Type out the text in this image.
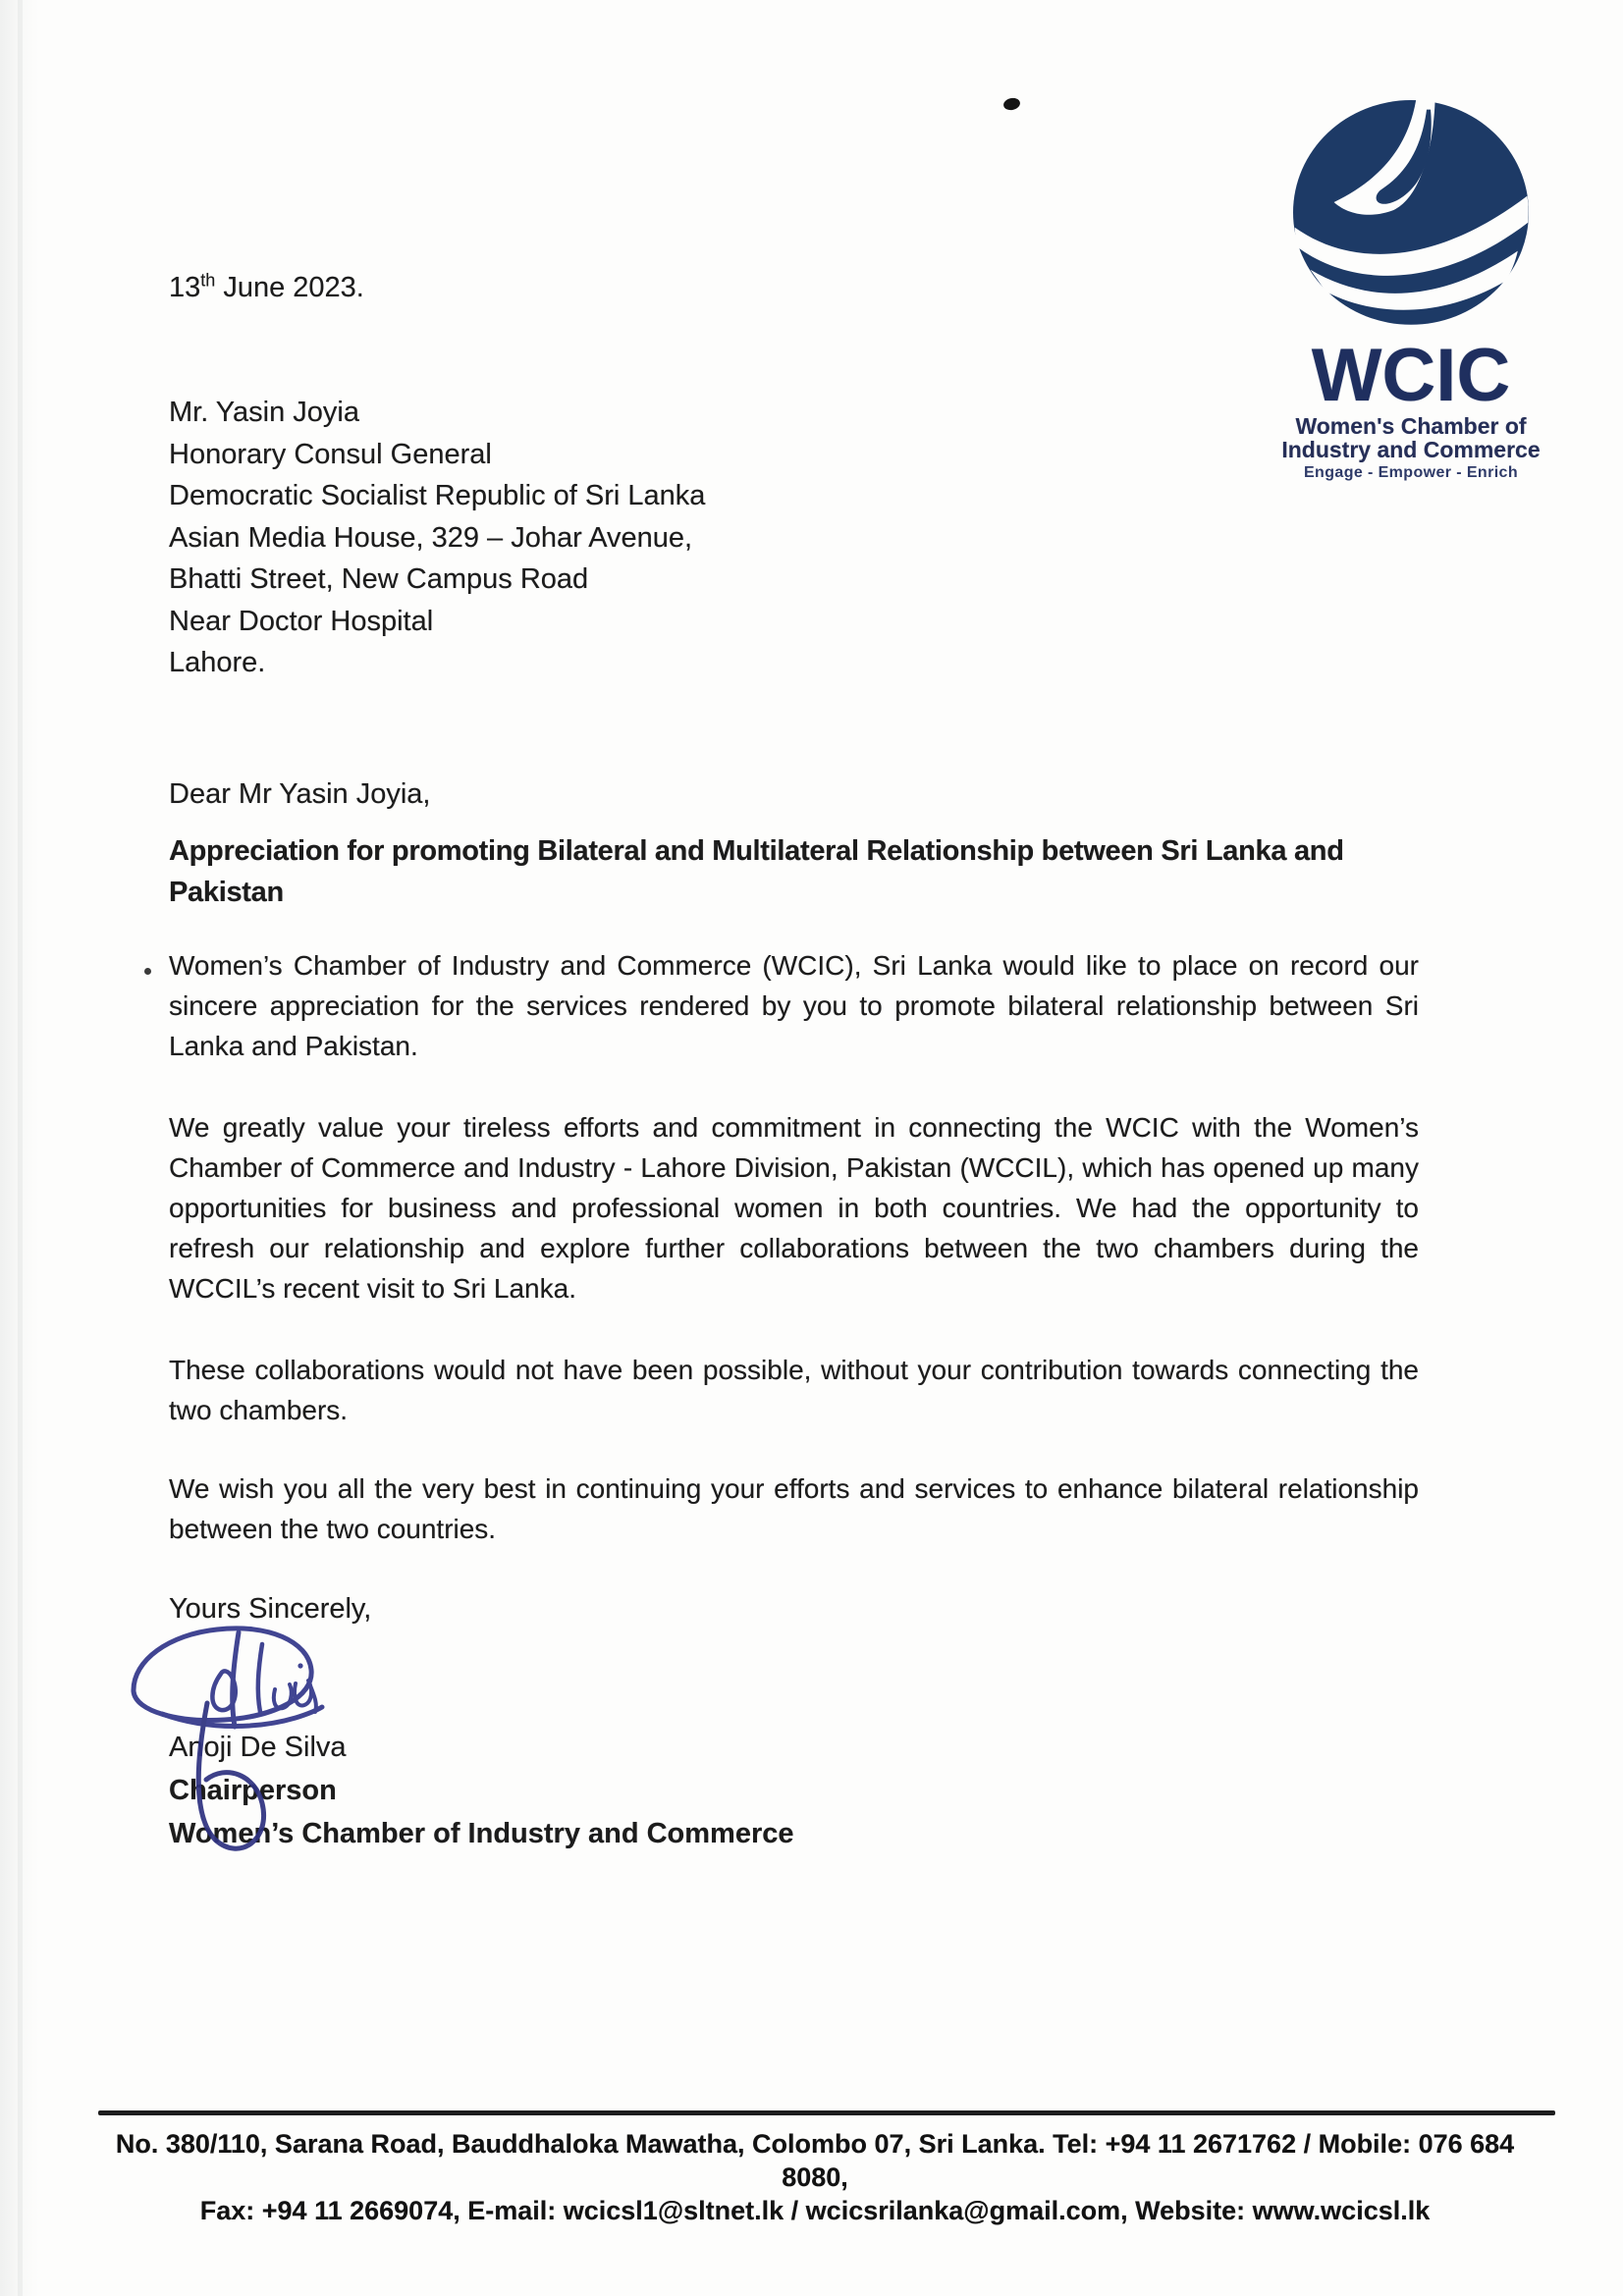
WCIC
Women's Chamber of
Industry and Commerce
Engage - Empower - Enrich
13th June 2023.
Mr. Yasin Joyia
Honorary Consul General
Democratic Socialist Republic of Sri Lanka
Asian Media House, 329 – Johar Avenue,
Bhatti Street, New Campus Road
Near Doctor Hospital
Lahore.
Dear Mr Yasin Joyia,
Appreciation for promoting Bilateral and Multilateral Relationship between Sri Lanka and
Pakistan
Women’s Chamber of Industry and Commerce (WCIC), Sri Lanka would like to place on record our sincere appreciation for the services rendered by you to promote bilateral relationship between Sri Lanka and Pakistan.
We greatly value your tireless efforts and commitment in connecting the WCIC with the Women’s Chamber of Commerce and Industry - Lahore Division, Pakistan (WCCIL), which has opened up many opportunities for business and professional women in both countries. We had the opportunity to refresh our relationship and explore further collaborations between the two chambers during the WCCIL’s recent visit to Sri Lanka.
These collaborations would not have been possible, without your contribution towards connecting the two chambers.
We wish you all the very best in continuing your efforts and services to enhance bilateral relationship between the two countries.
Yours Sincerely,
Anoji De Silva
Chairperson
Women’s Chamber of Industry and Commerce
No. 380/110, Sarana Road, Bauddhaloka Mawatha, Colombo 07, Sri Lanka. Tel: +94 11 2671762 / Mobile: 076 684 8080,
Fax: +94 11 2669074, E-mail: wcicsl1@sltnet.lk / wcicsrilanka@gmail.com, Website: www.wcicsl.lk
